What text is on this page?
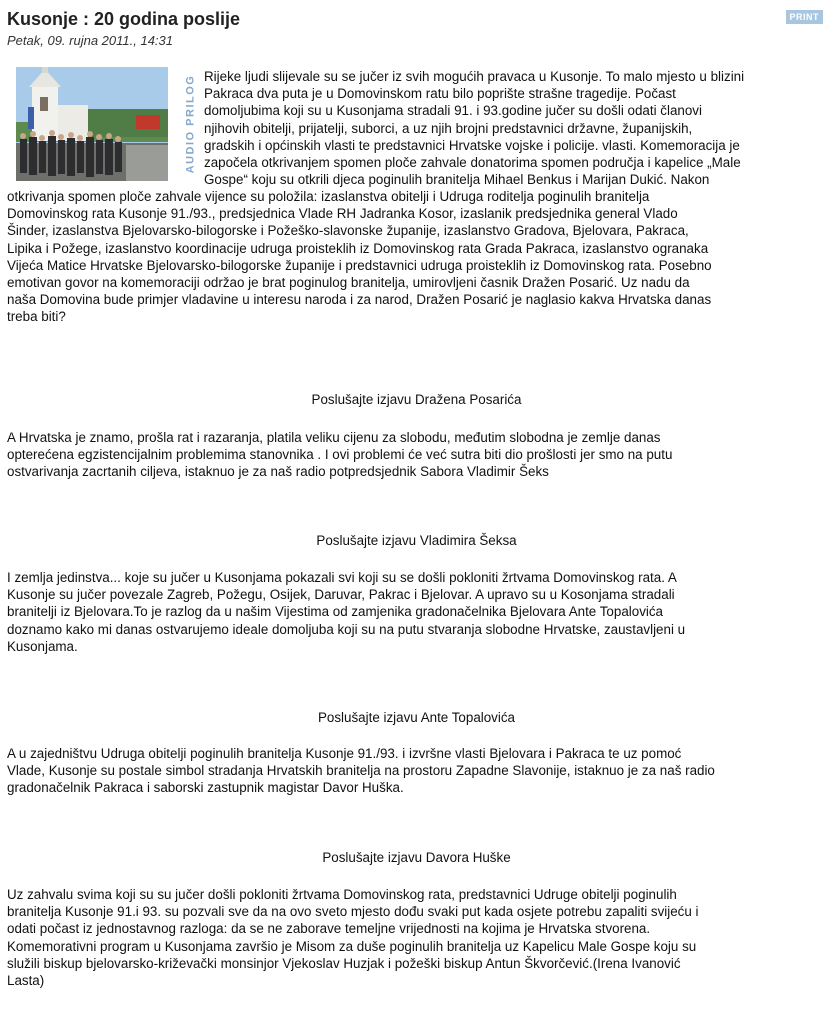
Kusonje : 20 godina poslije
Petak, 09. rujna 2011., 14:31
PRINT
AUDIO PRILOG Rijeke ljudi slijevale su se jučer iz svih mogućih pravaca u Kusonje. To malo mjesto u blizini
Pakraca dva puta je u Domovinskom ratu bilo poprište strašne tragedije. Počast
domoljubima koji su u Kusonjama stradali 91. i 93.godine jučer su došli odati članovi
njihovih obitelji, prijatelji, suborci, a uz njih brojni predstavnici državne, županijskih,
gradskih i općinskih vlasti te predstavnici Hrvatske vojske i policije. vlasti. Komemoracija je
započela otkrivanjem spomen ploče zahvale donatorima spomen područja i kapelice „Male
Gospe“ koju su otkrili djeca poginulih branitelja Mihael Benkus i Marijan Dukić. Nakon

otkrivanja spomen ploče zahvale vijence su položila: izaslanstva obitelji i Udruga roditelja poginulih branitelja
Domovinskog rata Kusonje 91./93., predsjednica Vlade RH Jadranka Kosor, izaslanik predsjednika general Vlado
Šinder, izaslanstva Bjelovarsko-bilogorske i Požeško-slavonske županije, izaslanstvo Gradova, Bjelovara, Pakraca,
Lipika i Požege, izaslanstvo koordinacije udruga proisteklih iz Domovinskog rata Grada Pakraca, izaslanstvo ogranaka
Vijeća Matice Hrvatske Bjelovarsko-bilogorske županije i predstavnici udruga proisteklih iz Domovinskog rata. Posebno
emotivan govor na komemoraciji održao je brat poginulog branitelja, umirovljeni časnik Dražen Posarić. Uz nadu da
naša Domovina bude primjer vladavine u interesu naroda i za narod, Dražen Posarić je naglasio kakva Hrvatska danas
treba biti?

Poslušajte izjavu Dražena Posarića

A Hrvatska je znamo, prošla rat i razaranja, platila veliku cijenu za slobodu, međutim slobodna je zemlje danas
opterećena egzistencijalnim problemima stanovnika . I ovi problemi će već sutra biti dio prošlosti jer smo na putu
ostvarivanja zacrtanih ciljeva, istaknuo je za naš radio potpredsjednik Sabora Vladimir Šeks

Poslušajte izjavu Vladimira Šeksa

I zemlja jedinstva... koje su jučer u Kusonjama pokazali svi koji su se došli pokloniti žrtvama Domovinskog rata. A
Kusonje su jučer povezale Zagreb, Požegu, Osijek, Daruvar, Pakrac i Bjelovar. A upravo su u Kosonjama stradali
branitelji iz Bjelovara.To je razlog da u našim Vijestima od zamjenika gradonačelnika Bjelovara Ante Topalovića
doznamo kako mi danas ostvarujemo ideale domoljuba koji su na putu stvaranja slobodne Hrvatske, zaustavljeni u
Kusonjama.

Poslušajte izjavu Ante Topalovića

A u zajedništvu Udruga obitelji poginulih branitelja Kusonje 91./93. i izvršne vlasti Bjelovara i Pakraca te uz pomoć
Vlade, Kusonje su postale simbol stradanja Hrvatskih branitelja na prostoru Zapadne Slavonije, istaknuo je za naš radio
gradonačelnik Pakraca i saborski zastupnik magistar Davor Huška.

Poslušajte izjavu Davora Huške

Uz zahvalu svima koji su su jučer došli pokloniti žrtvama Domovinskog rata, predstavnici Udruge obitelji poginulih
branitelja Kusonje 91.i 93. su pozvali sve da na ovo sveto mjesto dođu svaki put kada osjete potrebu zapaliti svijeću i
odati počast iz jednostavnog razloga: da se ne zaborave temeljne vrijednosti na kojima je Hrvatska stvorena.
Komemorativni program u Kusonjama završio je Misom za duše poginulih branitelja uz Kapelicu Male Gospe koju su
služili biskup bjelovarsko-križevački monsinjor Vjekoslav Huzjak i požeški biskup Antun Škvorčević.(Irena Ivanović
Lasta)
